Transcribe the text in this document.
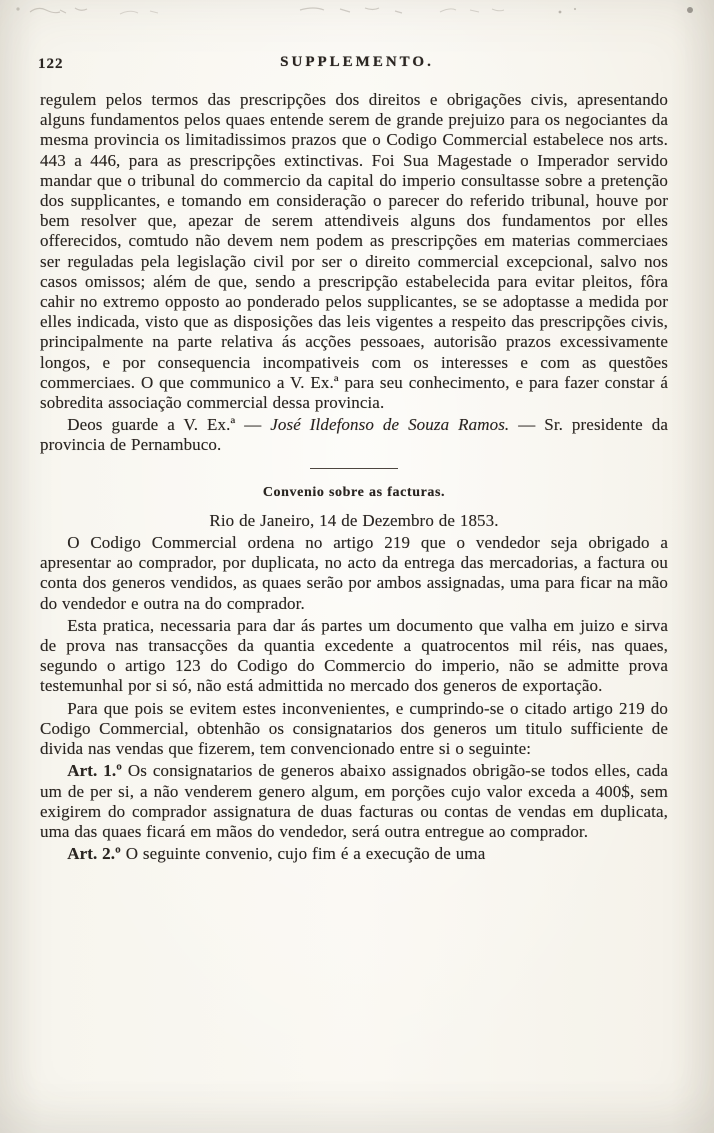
122	SUPPLEMENTO.

regulem pelos termos das prescripções dos direitos e obrigações civis, apresentando alguns fundamentos pelos quaes entende serem de grande prejuizo para os negociantes da mesma provincia os limitadissimos prazos que o Codigo Commercial estabelece nos arts. 443 a 446, para as prescripções extinctivas. Foi Sua Magestade o Imperador servido mandar que o tribunal do commercio da capital do imperio consultasse sobre a pretenção dos supplicantes, e tomando em consideração o parecer do referido tribunal, houve por bem resolver que, apezar de serem attendiveis alguns dos fundamentos por elles offerecidos, comtudo não devem nem podem as prescripções em materias commerciaes ser reguladas pela legislação civil por ser o direito commercial excepcional, salvo nos casos omissos; além de que, sendo a prescripção estabelecida para evitar pleitos, fôra cahir no extremo opposto ao ponderado pelos supplicantes, se se adoptasse a medida por elles indicada, visto que as disposições das leis vigentes a respeito das prescripções civis, principalmente na parte relativa ás acções pessoaes, autorisão prazos excessivamente longos, e por consequencia incompativeis com os interesses e com as questões commerciaes. O que communico a V. Ex.ª para seu conhecimento, e para fazer constar á sobredita associação commercial dessa provincia.

Deos guarde a V. Ex.ª — José Ildefonso de Souza Ramos. — Sr. presidente da provincia de Pernambuco.

Convenio sobre as facturas.

Rio de Janeiro, 14 de Dezembro de 1853.

O Codigo Commercial ordena no artigo 219 que o vendedor seja obrigado a apresentar ao comprador, por duplicata, no acto da entrega das mercadorias, a factura ou conta dos generos vendidos, as quaes serão por ambos assignadas, uma para ficar na mão do vendedor e outra na do comprador.

Esta pratica, necessaria para dar ás partes um documento que valha em juizo e sirva de prova nas transacções da quantia excedente a quatrocentos mil réis, nas quaes, segundo o artigo 123 do Codigo do Commercio do imperio, não se admitte prova testemunhal por si só, não está admittida no mercado dos generos de exportação.

Para que pois se evitem estes inconvenientes, e cumprindo-se o citado artigo 219 do Codigo Commercial, obtenhão os consignatarios dos generos um titulo sufficiente de divida nas vendas que fizerem, tem convencionado entre si o seguinte:

Art. 1.º Os consignatarios de generos abaixo assignados obrigão-se todos elles, cada um de per si, a não venderem genero algum, em porções cujo valor exceda a 400$, sem exigirem do comprador assignatura de duas facturas ou contas de vendas em duplicata, uma das quaes ficará em mãos do vendedor, será outra entregue ao comprador.

Art. 2.º O seguinte convenio, cujo fim é a execução de uma
